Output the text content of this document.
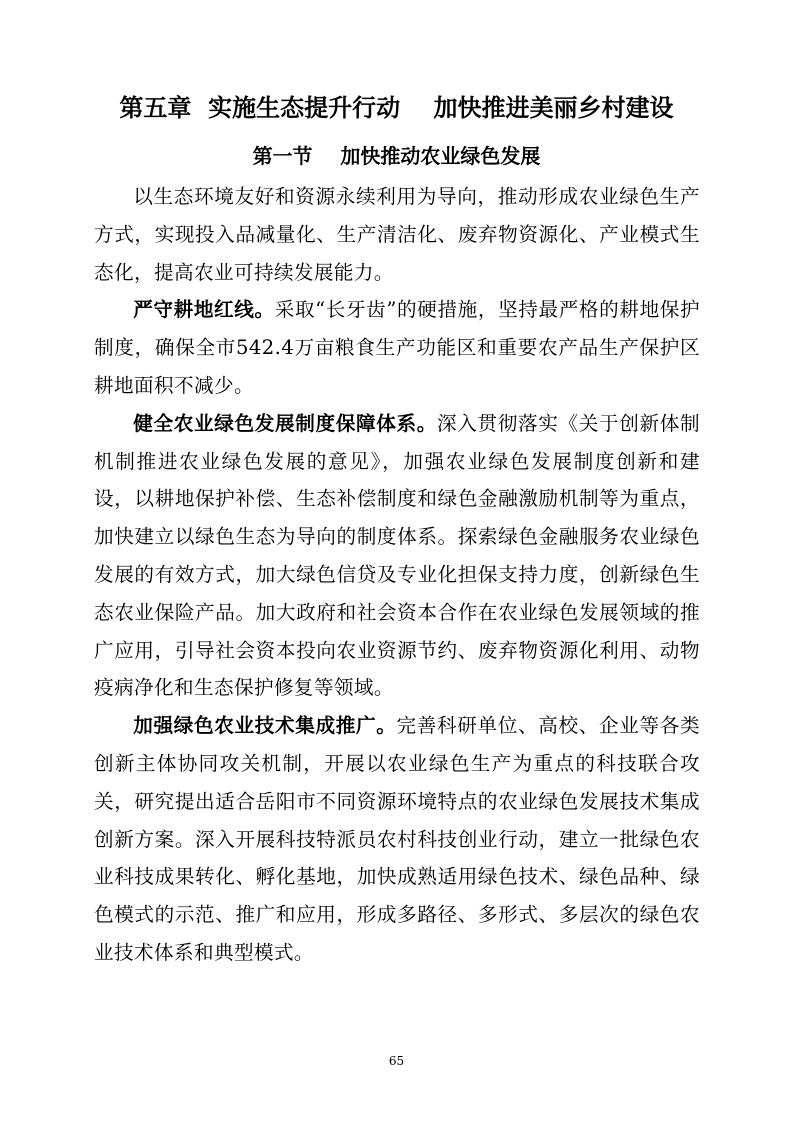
第五章  实施生态提升行动    加快推进美丽乡村建设
第一节    加快推动农业绿色发展

以生态环境友好和资源永续利用为导向，推动形成农业绿色生产方式，实现投入品减量化、生产清洁化、废弃物资源化、产业模式生态化，提高农业可持续发展能力。

严守耕地红线。采取“长牙齿”的硬措施，坚持最严格的耕地保护制度，确保全市542.4万亩粮食生产功能区和重要农产品生产保护区耕地面积不减少。

健全农业绿色发展制度保障体系。深入贯彻落实《关于创新体制机制推进农业绿色发展的意见》，加强农业绿色发展制度创新和建设，以耕地保护补偿、生态补偿制度和绿色金融激励机制等为重点，加快建立以绿色生态为导向的制度体系。探索绿色金融服务农业绿色发展的有效方式，加大绿色信贷及专业化担保支持力度，创新绿色生态农业保险产品。加大政府和社会资本合作在农业绿色发展领域的推广应用，引导社会资本投向农业资源节约、废弃物资源化利用、动物疫病净化和生态保护修复等领域。

加强绿色农业技术集成推广。完善科研单位、高校、企业等各类创新主体协同攻关机制，开展以农业绿色生产为重点的科技联合攻关，研究提出适合岳阳市不同资源环境特点的农业绿色发展技术集成创新方案。深入开展科技特派员农村科技创业行动，建立一批绿色农业科技成果转化、孵化基地，加快成熟适用绿色技术、绿色品种、绿色模式的示范、推广和应用，形成多路径、多形式、多层次的绿色农业技术体系和典型模式。

65
